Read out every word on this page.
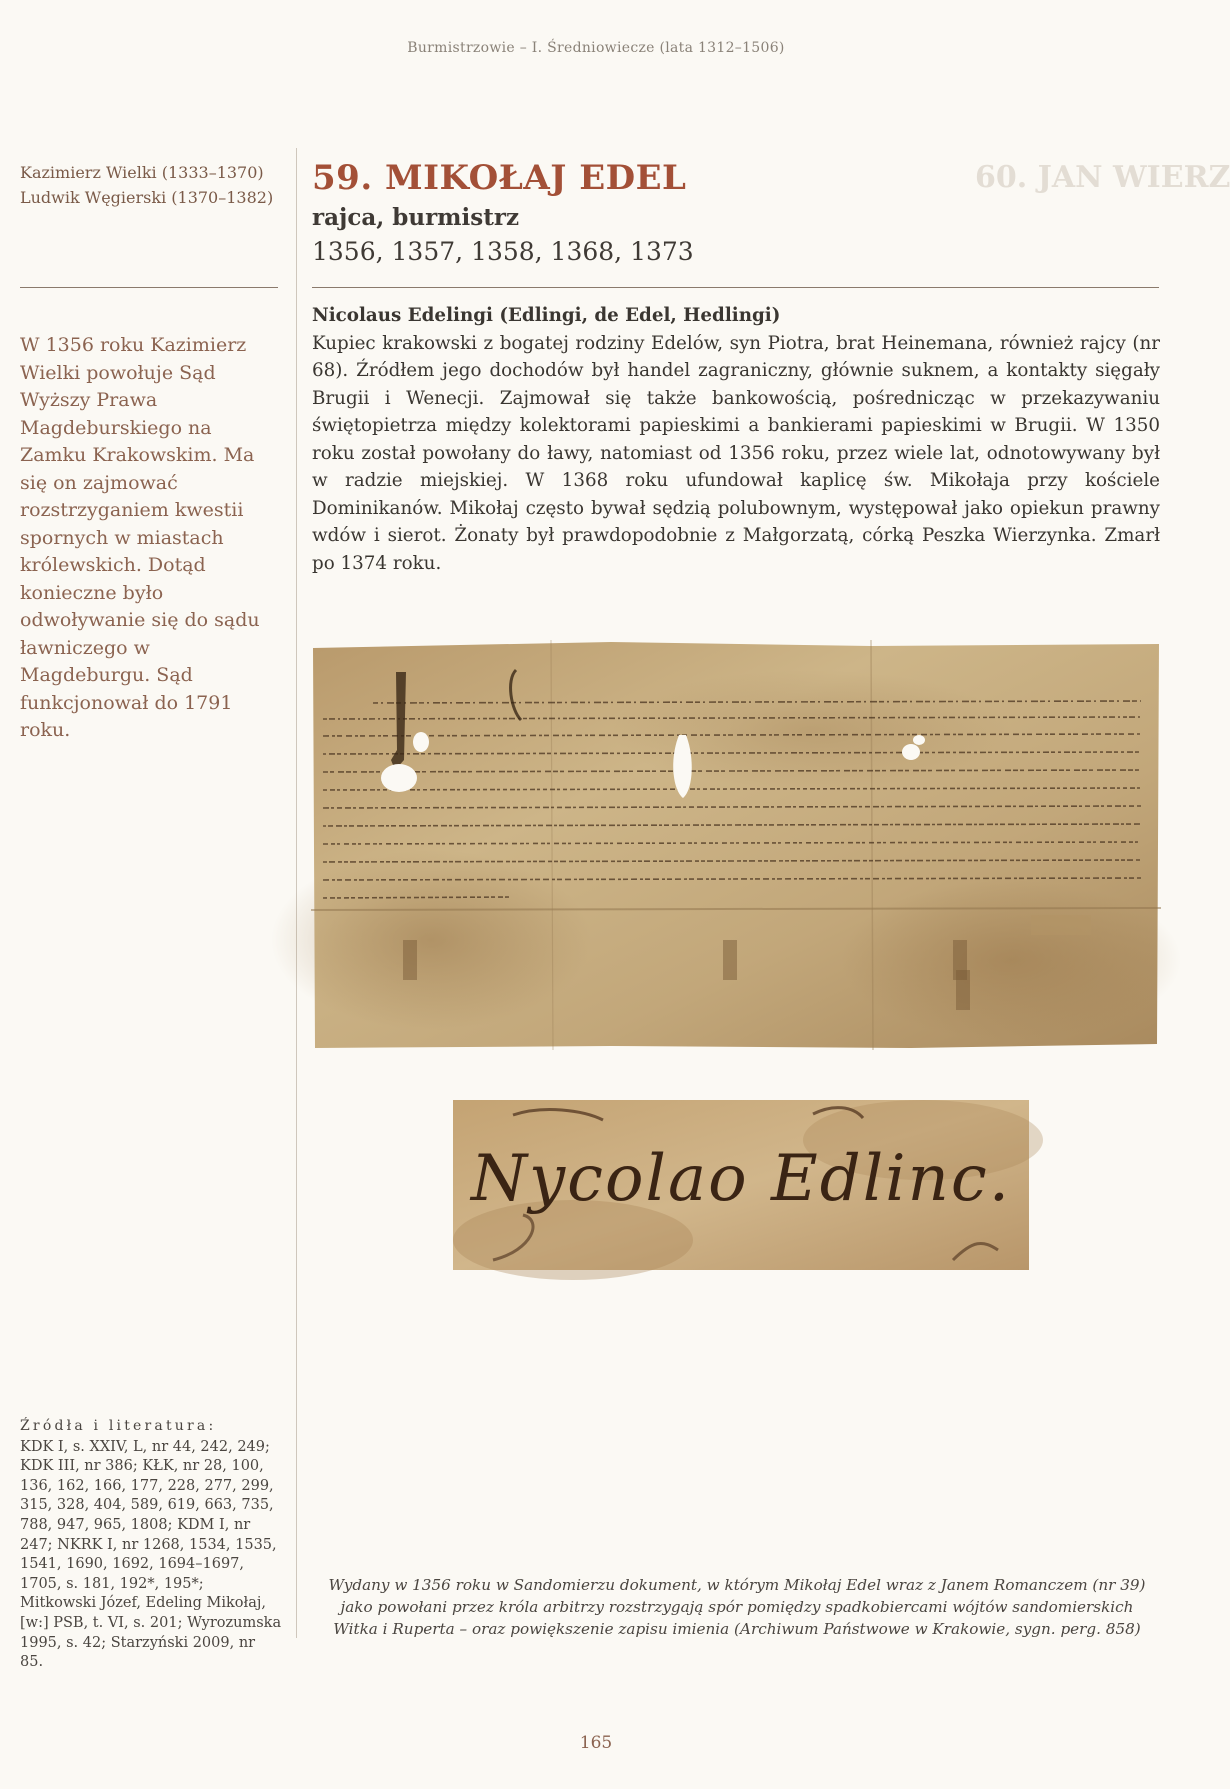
Burmistrzowie – I. Średniowiecze (lata 1312–1506)
60. JAN WIERZ
Kazimierz Wielki (1333–1370)
Ludwik Węgierski (1370–1382)
W 1356 roku Kazimierz Wielki powołuje Sąd Wyższy Prawa Magdeburskiego na Zamku Krakowskim. Ma się on zajmować rozstrzyganiem kwestii spornych w miastach królewskich. Dotąd konieczne było odwoływanie się do sądu ławniczego w Magdeburgu. Sąd funkcjonował do 1791 roku.
59. MIKOŁAJ EDEL
rajca, burmistrz
1356, 1357, 1358, 1368, 1373
Nicolaus Edelingi (Edlingi, de Edel, Hedlingi)
Kupiec krakowski z bogatej rodziny Edelów, syn Piotra, brat Heinemana, również rajcy (nr 68). Źródłem jego dochodów był handel zagraniczny, głównie suknem, a kontakty sięgały Brugii i Wenecji. Zajmował się także bankowością, pośrednicząc w przekazywaniu świętopietrza między kolektorami papieskimi a bankierami papieskimi w Brugii. W 1350 roku został powołany do ławy, natomiast od 1356 roku, przez wiele lat, odnotowywany był w radzie miejskiej. W 1368 roku ufundował kaplicę św. Mikołaja przy kościele Dominikanów. Mikołaj często bywał sędzią polubownym, występował jako opiekun prawny wdów i sierot. Żonaty był prawdopodobnie z Małgorzatą, córką Peszka Wierzynka. Zmarł po 1374 roku.
Nycolao Edlinc.
Źródła i literatura:
KDK I, s. XXIV, L, nr 44, 242, 249; KDK III, nr 386; KŁK, nr 28, 100, 136, 162, 166, 177, 228, 277, 299, 315, 328, 404, 589, 619, 663, 735, 788, 947, 965, 1808; KDM I, nr 247; NKRK I, nr 1268, 1534, 1535, 1541, 1690, 1692, 1694–1697, 1705, s. 181, 192*, 195*; Mitkowski Józef, Edeling Mikołaj, [w:] PSB, t. VI, s. 201; Wyrozumska 1995, s. 42; Starzyński 2009, nr 85.
Wydany w 1356 roku w Sandomierzu dokument, w którym Mikołaj Edel wraz z Janem Romanczem (nr 39) jako powołani przez króla arbitrzy rozstrzygają spór pomiędzy spadkobiercami wójtów sandomierskich Witka i Ruperta – oraz powiększenie zapisu imienia (Archiwum Państwowe w Krakowie, sygn. perg. 858)
165
